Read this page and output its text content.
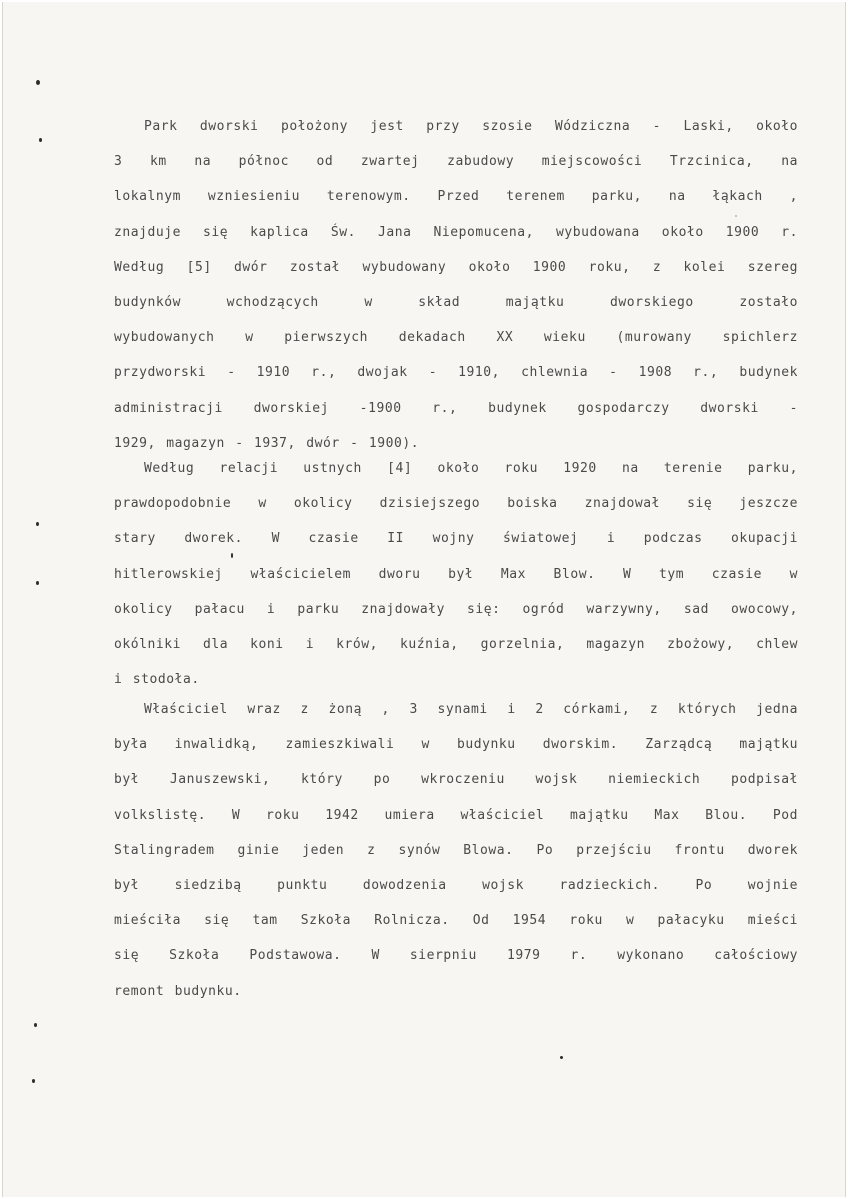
Park dworski położony jest przy szosie Wódziczna - Laski, około
3 km na północ od zwartej zabudowy miejscowości Trzcinica, na
lokalnym wzniesieniu terenowym. Przed terenem parku, na łąkach ,
znajduje się kaplica Św. Jana Niepomucena, wybudowana około 1900 r.
Według [5] dwór został wybudowany około 1900 roku, z kolei szereg
budynków wchodzących w skład majątku dworskiego zostało
wybudowanych w pierwszych dekadach XX wieku (murowany spichlerz
przydworski - 1910 r., dwojak - 1910, chlewnia - 1908 r., budynek
administracji dworskiej -1900 r., budynek gospodarczy dworski -
1929, magazyn - 1937, dwór - 1900).
Według relacji ustnych [4] około roku 1920 na terenie parku,
prawdopodobnie w okolicy dzisiejszego boiska znajdował się jeszcze
stary dworek. W czasie II wojny światowej i podczas okupacji
hitlerowskiej właścicielem dworu był Max Blow. W tym czasie w
okolicy pałacu i parku znajdowały się: ogród warzywny, sad owocowy,
okólniki dla koni i krów, kuźnia, gorzelnia, magazyn zbożowy, chlew
i stodoła.
Właściciel wraz z żoną , 3 synami i 2 córkami, z których jedna
była inwalidką, zamieszkiwali w budynku dworskim. Zarządcą majątku
był Januszewski, który po wkroczeniu wojsk niemieckich podpisał
volkslistę. W roku 1942 umiera właściciel majątku Max Blou. Pod
Stalingradem ginie jeden z synów Blowa. Po przejściu frontu dworek
był siedzibą punktu dowodzenia wojsk radzieckich. Po wojnie
mieściła się tam Szkoła Rolnicza. Od 1954 roku w pałacyku mieści
się Szkoła Podstawowa. W sierpniu 1979 r. wykonano całościowy
remont budynku.
